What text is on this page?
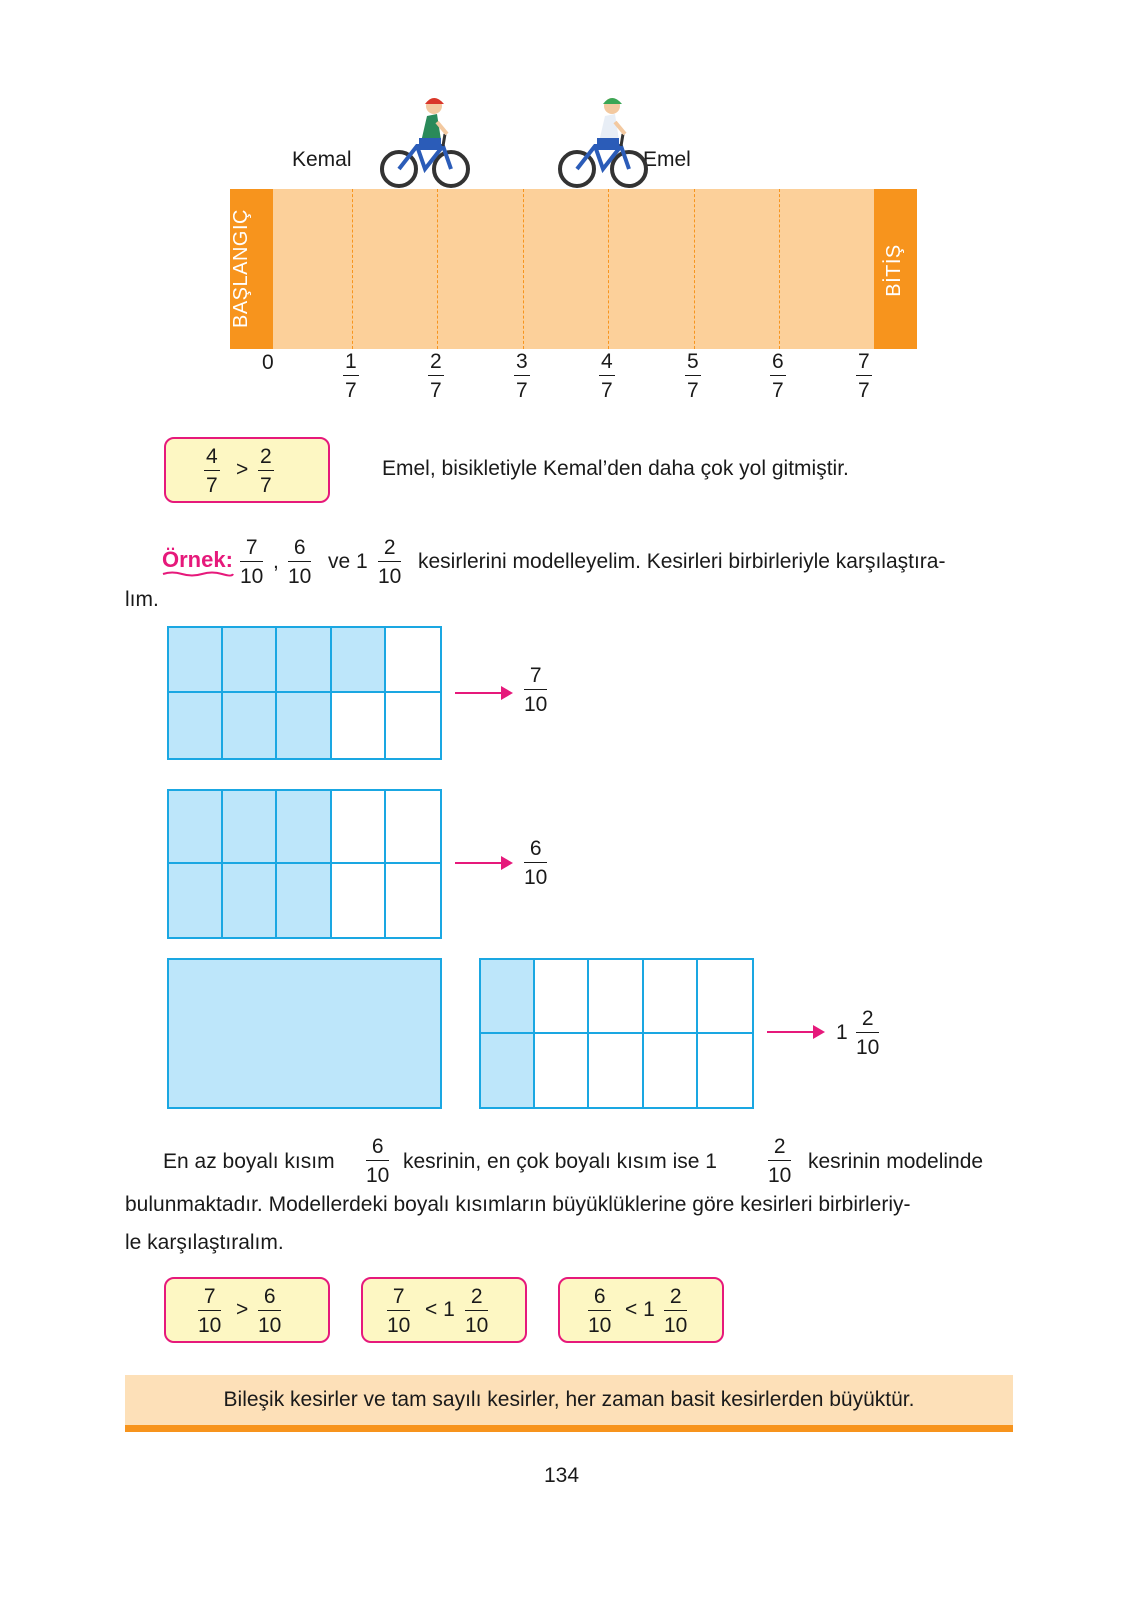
Kemal	Emel
BAŞLANGIÇ	BİTİŞ
0	$\frac{1}{7}$	$\frac{2}{7}$	$\frac{3}{7}$	$\frac{4}{7}$	$\frac{5}{7}$	$\frac{6}{7}$	$\frac{7}{7}$
$\frac{4}{7} > \frac{2}{7}$	Emel, bisikletiyle Kemal’den daha çok yol gitmiştir.
Örnek: $\frac{7}{10}$ , $\frac{6}{10}$ ve $1 \frac{2}{10}$ kesirlerini modelleyelim. Kesirleri birbirleriyle karşılaştıra-
lım.
$\frac{7}{10}$
$\frac{6}{10}$
$1 \frac{2}{10}$
En az boyalı kısım $\frac{6}{10}$ kesrinin, en çok boyalı kısım ise $1 \frac{2}{10}$ kesrinin modelinde
bulunmaktadır. Modellerdeki boyalı kısımların büyüklüklerine göre kesirleri birbirleriy-
le karşılaştıralım.
$\frac{7}{10} > \frac{6}{10}$	$\frac{7}{10} < 1 \frac{2}{10}$	$\frac{6}{10} < 1 \frac{2}{10}$
Bileşik kesirler ve tam sayılı kesirler, her zaman basit kesirlerden büyüktür.
134
